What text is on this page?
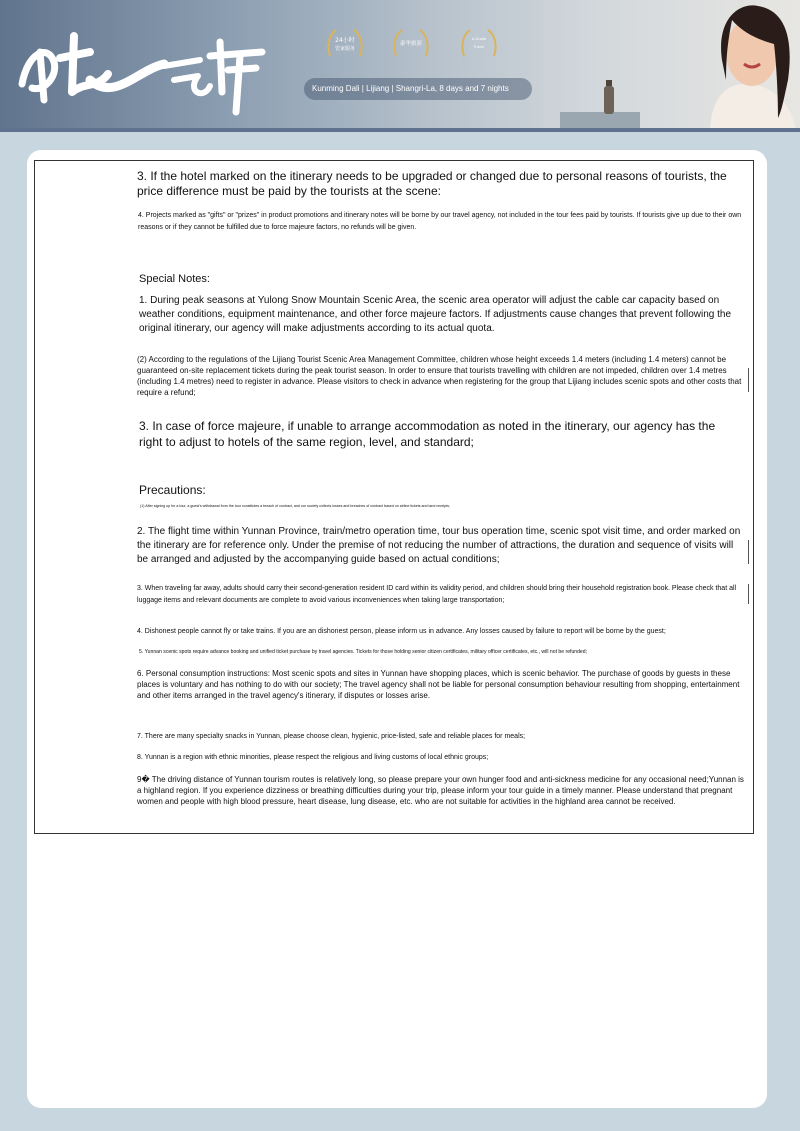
24小时
管家服务
豪华旅游
A-Grade
Travel
Kunming Dali | Lijiang | Shangri-La, 8 days and 7 nights

3. If the hotel marked on the itinerary needs to be upgraded or changed due to personal reasons of tourists, the price difference must be paid by the tourists at the scene:

4. Projects marked as "gifts" or "prizes" in product promotions and itinerary notes will be borne by our travel agency, not included in the tour fees paid by tourists. If tourists give up due to their own reasons or if they cannot be fulfilled due to force majeure factors, no refunds will be given.

Special Notes:

1. During peak seasons at Yulong Snow Mountain Scenic Area, the scenic area operator will adjust the cable car capacity based on weather conditions, equipment maintenance, and other force majeure factors. If adjustments cause changes that prevent following the original itinerary, our agency will make adjustments according to its actual quota.

(2) According to the regulations of the Lijiang Tourist Scenic Area Management Committee, children whose height exceeds 1.4 meters (including 1.4 meters) cannot be guaranteed on-site replacement tickets during the peak tourist season. In order to ensure that tourists travelling with children are not impeded, children over 1.4 metres (including 1.4 metres) need to register in advance. Please visitors to check in advance when registering for the group that Lijiang includes scenic spots and other costs that require a refund;

3. In case of force majeure, if unable to arrange accommodation as noted in the itinerary, our agency has the right to adjust to hotels of the same region, level, and standard;

Precautions:

(1) After signing up for a tour, a guest's withdrawal from the tour constitutes a breach of contract, and our society collects losses and breaches of contract based on airline tickets and land receipts;

2. The flight time within Yunnan Province, train/metro operation time, tour bus operation time, scenic spot visit time, and order marked on the itinerary are for reference only. Under the premise of not reducing the number of attractions, the duration and sequence of visits will be arranged and adjusted by the accompanying guide based on actual conditions;

3. When traveling far away, adults should carry their second-generation resident ID card within its validity period, and children should bring their household registration book. Please check that all luggage items and relevant documents are complete to avoid various inconveniences when taking large transportation;

4. Dishonest people cannot fly or take trains. If you are an dishonest person, please inform us in advance. Any losses caused by failure to report will be borne by the guest;

5. Yunnan scenic spots require advance booking and unified ticket purchase by travel agencies. Tickets for those holding senior citizen certificates, military officer certificates, etc., will not be refunded;

6. Personal consumption instructions: Most scenic spots and sites in Yunnan have shopping places, which is scenic behavior. The purchase of goods by guests in these places is voluntary and has nothing to do with our society; The travel agency shall not be liable for personal consumption behaviour resulting from shopping, entertainment and other items arranged in the travel agency's itinerary, if disputes or losses arise.

7. There are many specialty snacks in Yunnan, please choose clean, hygienic, price-listed, safe and reliable places for meals;

8. Yunnan is a region with ethnic minorities, please respect the religious and living customs of local ethnic groups;

9� The driving distance of Yunnan tourism routes is relatively long, so please prepare your own hunger food and anti-sickness medicine for any occasional need;Yunnan is a highland region. If you experience dizziness or breathing difficulties during your trip, please inform your tour guide in a timely manner. Please understand that pregnant women and people with high blood pressure, heart disease, lung disease, etc. who are not suitable for activities in the highland area cannot be received.
